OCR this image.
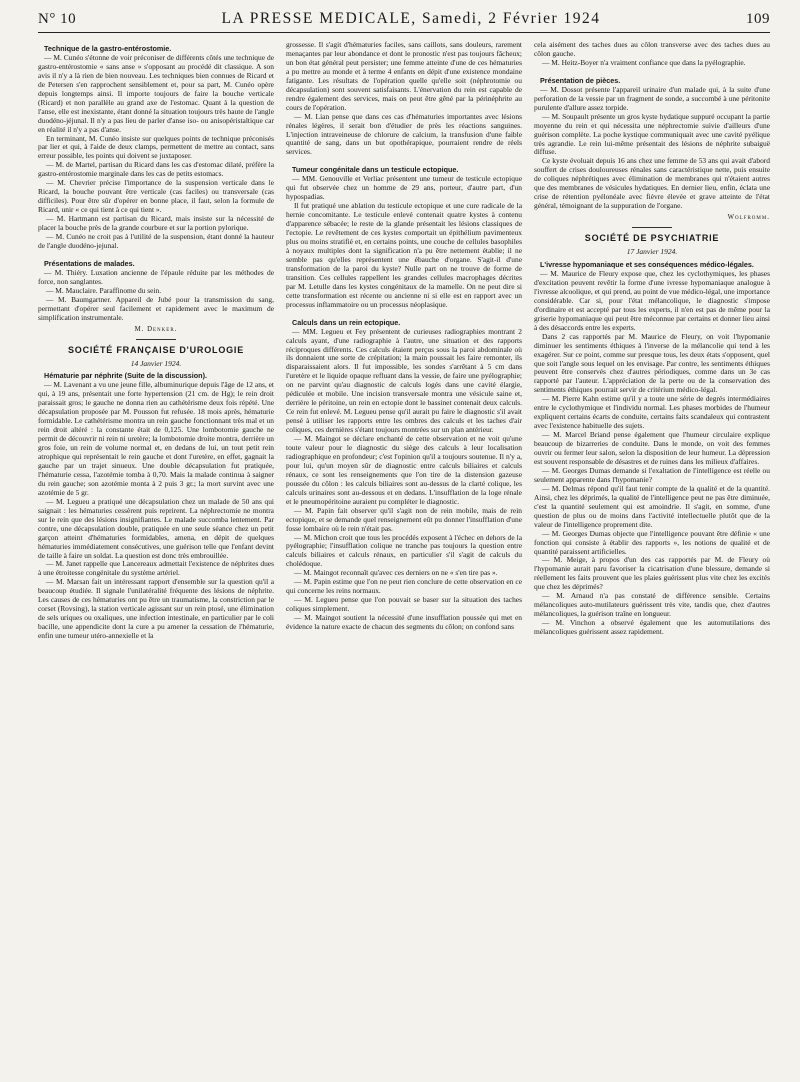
N° 10	LA PRESSE MEDICALE, Samedi, 2 Février 1924	109
Technique de la gastro-entérostomie.

— M. Cunéo s'étonne de voir préconiser de différents côtés une technique de gastro-entérostomie « sans anse » s'opposant au procédé dit classique. A son avis il n'y a là rien de bien nouveau. Les techniques bien connues de Ricard et de Petersen s'en rapprochent sensiblement et, pour sa part, M. Cunéo opère depuis longtemps ainsi. Il importe toujours de faire la bouche verticale (Ricard) et non parallèle au grand axe de l'estomac. Quant à la question de l'anse, elle est inexistante, étant donné la situation toujours très haute de l'angle duodéno-jéjunal. Il n'y a pas lieu de parler d'anse iso- ou anisopéristaltique car en réalité il n'y a pas d'anse.

En terminant, M. Cunéo insiste sur quelques points de technique préconisés par lier et qui, à l'aide de deux clamps, permettent de mettre au contact, sans erreur possible, les points qui doivent se juxtaposer.

— M. de Martel, partisan du Ricard dans les cas d'estomac dilaté, préfère la gastro-entérostomie marginale dans les cas de petits estomacs.

— M. Chevrier précise l'importance de la suspension verticale dans le Ricard, la bouche pouvant être verticale (cas faciles) ou transversale (cas difficiles). Pour être sûr d'opérer en bonne place, il faut, selon la formule de Ricard, unir « ce qui tient à ce qui tient ».

— M. Hartmann est partisan du Ricard, mais insiste sur la nécessité de placer la bouche près de la grande courbure et sur la portion pylorique.

— M. Cunéo ne croit pas à l'utilité de la suspension, étant donné la hauteur de l'angle duodéno-jejunal.

Présentations de malades.

— M. Thiéry. Luxation ancienne de l'épaule réduite par les méthodes de force, non sanglantes.

— M. Mauclaire. Paraffinome du sein.

— M. Baumgartner. Appareil de Jubé pour la transmission du sang, permettant d'opérer seul facilement et rapidement avec le maximum de simplification instrumentale.

M. Denker.
SOCIÉTÉ FRANÇAISE D'UROLOGIE
14 Janvier 1924.
Hématurie par néphrite (Suite de la discussion).

— M. Lavenant a vu une jeune fille, albuminurique depuis l'âge de 12 ans, et qui, à 19 ans, présentait une forte hypertension (21 cm. de Hg); le rein droit paraissait gros; le gauche ne donna rien au cathétérisme deux fois répété. Une décapsulation proposée par M. Pousson fut refusée. 18 mois après, hématurie formidable. Le cathétérisme montra un rein gauche fonctionnant très mal et un rein droit altéré : la constante était de 0,125. Une lombotomie gauche ne permit de découvrir ni rein ni uretère; la lombotomie droite montra, derrière un gros foie, un rein de volume normal et, en dedans de lui, un tout petit rein atrophique qui représentait le rein gauche et dont l'uretère, en effet, gagnait la gauche par un trajet sinueux. Une double décapsulation fut pratiquée, l'hématurie cessa, l'azotémie tomba à 0,70. Mais la malade continua à saigner du rein gauche; son azotémie monta à 2 puis 3 gr.; la mort survint avec une azotémie de 5 gr.

— M. Legueu a pratiqué une décapsulation chez un malade de 50 ans qui saignait : les hématuries cessèrent puis reprirent. La néphrectomie ne montra sur le rein que des lésions insignifiantes. Le malade succomba lentement. Par contre, une décapsulation double, pratiquée en une seule séance chez un petit garçon atteint d'hématuries formidables, amena, en dépit de quelques hématuries immédiatement consécutives, une guérison telle que l'enfant devint de taille à faire un soldat. La question est donc très embrouillée.

— M. Janet rappelle que Lancereaux admettait l'existence de néphrites dues à une étroitesse congénitale du système artériel.

— M. Marsan fait un intéressant rapport d'ensemble sur la question qu'il a beaucoup étudiée. Il signale l'unilatéralité fréquente des lésions de néphrite. Les causes de ces hématuries ont pu être un traumatisme, la constriction par le corset (Rovsing), la station verticale agissant sur un rein ptosé, une élimination de sels uriques ou oxaliques, une infection intestinale, en particulier par le coli bacille, une appendicite dont la cure a pu amener la cessation de l'hématurie, enfin une tumeur utéro-annexielle et la

grossesse. Il s'agit d'hématuries faciles, sans caillots, sans douleurs, rarement menaçantes par leur abondance et dont le pronostic n'est pas toujours fâcheux; un bon état général peut persister; une femme atteinte d'une de ces hématuries a pu mettre au monde et à terme 4 enfants en dépit d'une existence mondaine fatigante. Les résultats de l'opération quelle qu'elle soit (néphrotomie ou décapsulation) sont souvent satisfaisants. L'énervation du rein est capable de rendre également des services, mais on peut être gêné par la périnéphrite au cours de l'opération.

— M. Lian pense que dans ces cas d'hématuries importantes avec lésions rénales légères, il serait bon d'étudier de près les réactions sanguines. L'injection intraveineuse de chlorure de calcium, la transfusion d'une faible quantité de sang, dans un but opothérapique, pourraient rendre de réels services.

Tumeur congénitale dans un testicule ectopique.

— MM. Genouville et Verliac présentent une tumeur de testicule ectopique qui fut observée chez un homme de 29 ans, porteur, d'autre part, d'un hypospadias.

Il fut pratiqué une ablation du testicule ectopique et une cure radicale de la hernie concomitante. Le testicule enlevé contenait quatre kystes à contenu d'apparence sébacée; le reste de la glande présentait les lésions classiques de l'ectopie. Le revêtement de ces kystes comportait un épithélium pavimenteux plus ou moins stratifié et, en certains points, une couche de cellules basophiles à noyaux multiples dont la signification n'a pu être nettement établie; il ne semble pas qu'elles représentent une ébauche d'organe. S'agit-il d'une transformation de la paroi du kyste? Nulle part on ne trouve de forme de transition. Ces cellules rappellent les grandes cellules macrophages décrites par M. Letulle dans les kystes congénitaux de la mamelle. On ne peut dire si cette transformation est récente ou ancienne ni si elle est en rapport avec un processus inflammatoire ou un processus néoplasique.

Calculs dans un rein ectopique.

— MM. Legueu et Fey présentent de curieuses radiographies montrant 2 calculs ayant, d'une radiographie à l'autre, une situation et des rapports réciproques différents. Ces calculs étaient perçus sous la paroi abdominale où ils donnaient une sorte de crépitation; la main poussait les faire remonter, ils disparaissaient alors. Il fut impossible, les sondes s'arrêtant à 5 cm dans l'uretère et le liquide opaque refluant dans la vessie, de faire une pyélographie; on ne parvint qu'au diagnostic de calculs logés dans une cavité élargie, pédiculée et mobile. Une incision transversale montra une vésicule saine et, derrière le péritoine, un rein en ectopie dont le bassinet contenait deux calculs. Ce rein fut enlevé. M. Legueu pense qu'il aurait pu faire le diagnostic s'il avait pensé à utiliser les rapports entre les ombres des calculs et les taches d'air coliques, ces dernières s'étant toujours montrées sur un plan antérieur.

— M. Maingot se déclare enchanté de cette observation et ne voit qu'une toute valeur pour le diagnostic du siège des calculs à leur localisation radiographique en profondeur; c'est l'opinion qu'il a toujours soutenue. Il n'y a, pour lui, qu'un moyen sûr de diagnostic entre calculs biliaires et calculs rénaux, ce sont les renseignements que l'on tire de la distension gazeuse poussée du côlon : les calculs biliaires sont au-dessus de la clarté colique, les calculs urinaires sont au-dessous et en dedans. L'insufflation de la loge rénale et le pneumopéritoine auraient pu compléter le diagnostic.

— M. Papin fait observer qu'il s'agit non de rein mobile, mais de rein ectopique, et se demande quel renseignement eût pu donner l'insufflation d'une fosse lombaire où le rein n'était pas.

— M. Michon croit que tous les procédés exposent à l'échec en dehors de la pyélographie; l'insufflation colique ne tranche pas toujours la question entre calculs biliaires et calculs rénaux, en particulier s'il s'agit de calculs du cholédoque.

— M. Maingot reconnaît qu'avec ces derniers on ne « s'en tire pas ».

— M. Papin estime que l'on ne peut rien conclure de cette observation en ce qui concerne les reins normaux.

— M. Legueu pense que l'on pouvait se baser sur la situation des taches coliques simplement.

— M. Maingot soutient la nécessité d'une insufflation poussée qui met en évidence la nature exacte de chacun des segments du côlon; on confond sans

cela aisément des taches dues au côlon transverse avec des taches dues au côlon gauche.

— M. Heitz-Boyer n'a vraiment confiance que dans la pyélographie.

Présentation de pièces.

— M. Dossot présente l'appareil urinaire d'un malade qui, à la suite d'une perforation de la vessie par un fragment de sonde, a succombé à une péritonite purulente d'allure assez torpide.

— M. Soupault présente un gros kyste hydatique suppuré occupant la partie moyenne du rein et qui nécessita une néphrectomie suivie d'ailleurs d'une guérison complète. La poche kystique communiquait avec une cavité pyélique très agrandie. Le rein lui-même présentait des lésions de néphrite subaiguë diffuse.

Ce kyste évoluait depuis 16 ans chez une femme de 53 ans qui avait d'abord souffert de crises douloureuses rénales sans caractéristique nette, puis ensuite de coliques néphrétiques avec élimination de membranes qui n'étaient autres que des membranes de vésicules hydatiques. En dernier lieu, enfin, éclata une crise de rétention pyélonéale avec fièvre élevée et grave atteinte de l'état général, témoignant de la suppuration de l'organe.

Wolfromm.
SOCIÉTÉ DE PSYCHIATRIE
17 Janvier 1924.
L'ivresse hypomaniaque et ses conséquences médico-légales.

— M. Maurice de Fleury expose que, chez les cyclothymiques, les phases d'excitation peuvent revêtir la forme d'une ivresse hypomaniaque analogue à l'ivresse alcoolique, et qui prend, au point de vue médico-légal, une importance considérable. Car si, pour l'état mélancolique, le diagnostic s'impose d'ordinaire et est accepté par tous les experts, il n'en est pas de même pour la griserie hypomaniaque qui peut être méconnue par certains et donner lieu ainsi à des désaccords entre les experts.

Dans 2 cas rapportés par M. Maurice de Fleury, on voit l'hypomanie diminuer les sentiments éthiques à l'inverse de la mélancolie qui tend à les exagérer. Sur ce point, comme sur presque tous, les deux états s'opposent, quel que soit l'angle sous lequel on les envisage. Par contre, les sentiments éthiques peuvent être conservés chez d'autres périodiques, comme dans un 3e cas rapporté par l'auteur. L'appréciation de la perte ou de la conservation des sentiments éthiques pourrait servir de critérium médico-légal.

— M. Pierre Kahn estime qu'il y a toute une série de degrés intermédiaires entre le cyclothymique et l'individu normal. Les phases morbides de l'humeur expliquent certains écarts de conduite, certains faits scandaleux qui contrastent avec l'existence habituelle des sujets.

— M. Marcel Briand pense également que l'humeur circulaire explique beaucoup de bizarreries de conduite. Dans le monde, on voit des femmes ouvrir ou fermer leur salon, selon la disposition de leur humeur. La dépression est souvent responsable de désastres et de ruines dans les milieux d'affaires.

— M. Georges Dumas demande si l'exaltation de l'intelligence est réelle ou seulement apparente dans l'hypomanie?

— M. Delmas répond qu'il faut tenir compte de la qualité et de la quantité. Ainsi, chez les déprimés, la qualité de l'intelligence peut ne pas être diminuée, c'est la quantité seulement qui est amoindrie. Il s'agit, en somme, d'une question de plus ou de moins dans l'activité intellectuelle plutôt que de la valeur de l'intelligence proprement dite.

— M. Georges Dumas objecte que l'intelligence pouvant être définie « une fonction qui consiste à établir des rapports », les notions de qualité et de quantité paraissent artificielles.

— M. Meige, à propos d'un des cas rapportés par M. de Fleury où l'hypomanie aurait paru favoriser la cicatrisation d'une blessure, demande si réellement les faits prouvent que les plaies guérissent plus vite chez les excités que chez les déprimés?

— M. Arnaud n'a pas constaté de différence sensible. Certains mélancoliques auto-mutilateurs guérissent très vite, tandis que, chez d'autres mélancoliques, la guérison traîne en longueur.

— M. Vinchon a observé également que les automutilations des mélancoliques guérissent assez rapidement.
